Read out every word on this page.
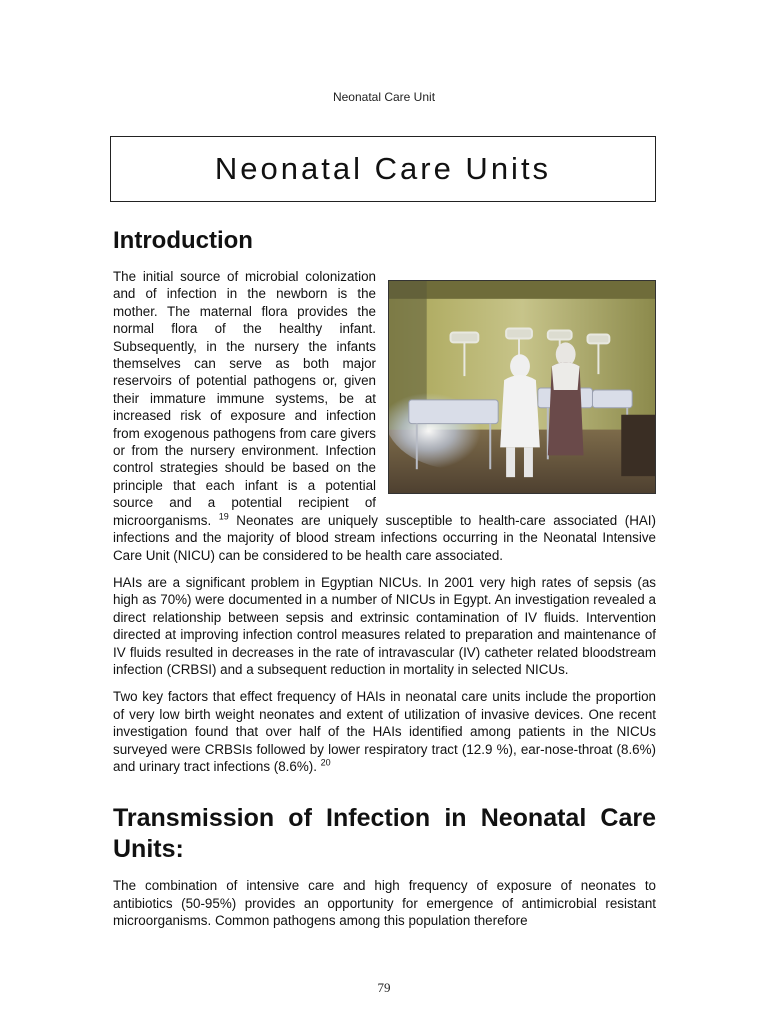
Neonatal Care Unit
Neonatal Care Units
Introduction

The initial source of microbial colonization and of infection in the newborn is the mother. The maternal flora provides the normal flora of the healthy infant. Subsequently, in the nursery the infants themselves can serve as both major reservoirs of potential pathogens or, given their immature immune systems, be at increased risk of exposure and infection from exogenous pathogens from care givers or from the nursery environment. Infection control strategies should be based on the principle that each infant is a potential source and a potential recipient of microorganisms. $^{19}$ Neonates are uniquely susceptible to health-care associated (HAI) infections and the majority of blood stream infections occurring in the Neonatal Intensive Care Unit (NICU) can be considered to be health care associated.

HAIs are a significant problem in Egyptian NICUs. In 2001 very high rates of sepsis (as high as 70%) were documented in a number of NICUs in Egypt. An investigation revealed a direct relationship between sepsis and extrinsic contamination of IV fluids. Intervention directed at improving infection control measures related to preparation and maintenance of IV fluids resulted in decreases in the rate of intravascular (IV) catheter related bloodstream infection (CRBSI) and a subsequent reduction in mortality in selected NICUs.

Two key factors that effect frequency of HAIs in neonatal care units include the proportion of very low birth weight neonates and extent of utilization of invasive devices. One recent investigation found that over half of the HAIs identified among patients in the NICUs surveyed were CRBSIs followed by lower respiratory tract (12.9 %), ear-nose-throat (8.6%) and urinary tract infections (8.6%). $^{20}$

Transmission of Infection in Neonatal Care Units:

The combination of intensive care and high frequency of exposure of neonates to antibiotics (50-95%) provides an opportunity for emergence of antimicrobial resistant microorganisms. Common pathogens among this population therefore

79
